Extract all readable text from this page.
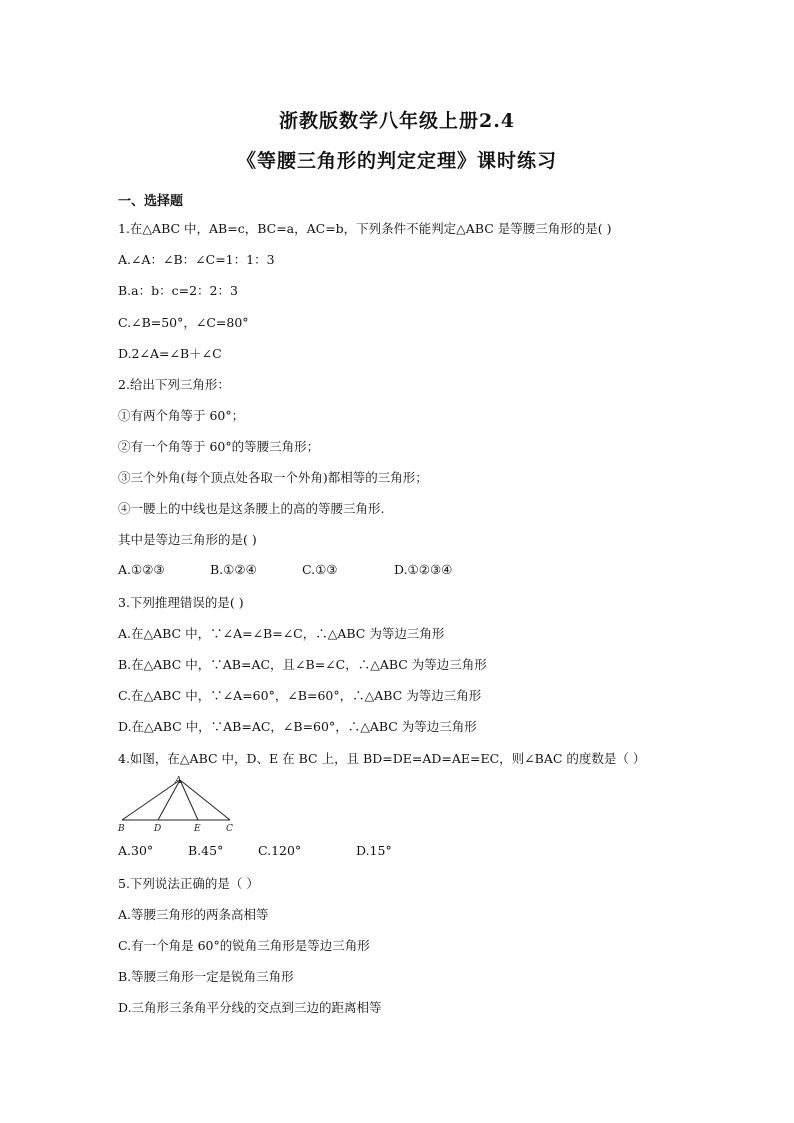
浙教版数学八年级上册2.4
《等腰三角形的判定定理》课时练习
一、选择题
1.在△ABC 中，AB=c，BC=a，AC=b，下列条件不能判定△ABC 是等腰三角形的是( )
A.∠A：∠B：∠C=1：1：3
B.a：b：c=2：2：3
C.∠B=50°，∠C=80°
D.2∠A=∠B＋∠C
2.给出下列三角形：
①有两个角等于 60°；
②有一个角等于 60°的等腰三角形；
③三个外角(每个顶点处各取一个外角)都相等的三角形；
④一腰上的中线也是这条腰上的高的等腰三角形.
其中是等边三角形的是( )
A.①②③	B.①②④	C.①③	D.①②③④
3.下列推理错误的是( )
A.在△ABC 中，∵∠A=∠B=∠C，∴△ABC 为等边三角形
B.在△ABC 中，∵AB=AC，且∠B=∠C，∴△ABC 为等边三角形
C.在△ABC 中，∵∠A=60°，∠B=60°，∴△ABC 为等边三角形
D.在△ABC 中，∵AB=AC，∠B=60°，∴△ABC 为等边三角形
4.如图，在△ABC 中，D、E 在 BC 上，且 BD=DE=AD=AE=EC，则∠BAC 的度数是（ ）
A
B	D	E	C
A.30°	B.45°	C.120°	D.15°
5.下列说法正确的是（ ）
A.等腰三角形的两条高相等
C.有一个角是 60°的锐角三角形是等边三角形
B.等腰三角形一定是锐角三角形
D.三角形三条角平分线的交点到三边的距离相等
